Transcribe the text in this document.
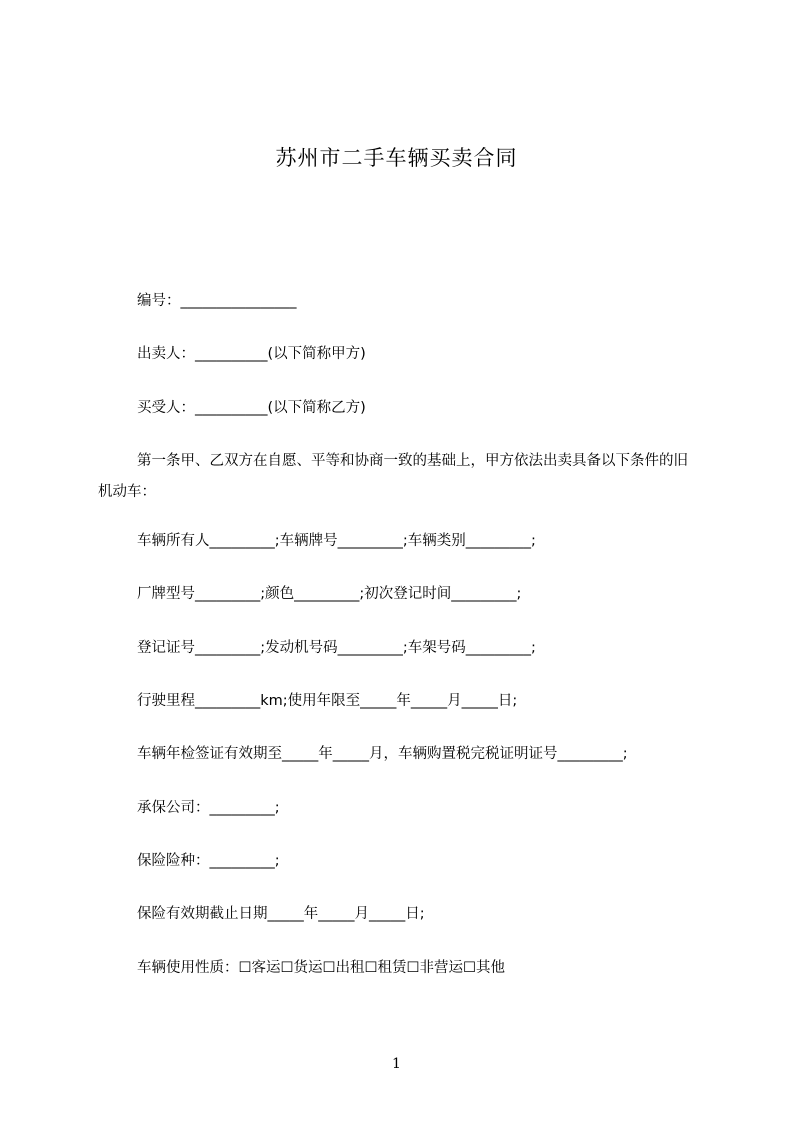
苏州市二手车辆买卖合同
编号：________________
出卖人：__________(以下简称甲方)
买受人：__________(以下简称乙方)
第一条甲、乙双方在自愿、平等和协商一致的基础上，甲方依法出卖具备以下条件的旧机动车：
车辆所有人_________;车辆牌号_________;车辆类别_________;
厂牌型号_________;颜色_________;初次登记时间_________;
登记证号_________;发动机号码_________;车架号码_________;
行驶里程_________km;使用年限至_____年_____月_____日;
车辆年检签证有效期至_____年_____月，车辆购置税完税证明证号_________;
承保公司：_________;
保险险种：_________;
保险有效期截止日期_____年_____月_____日;
车辆使用性质：☐客运☐货运☐出租☐租赁☐非营运☐其他
1
